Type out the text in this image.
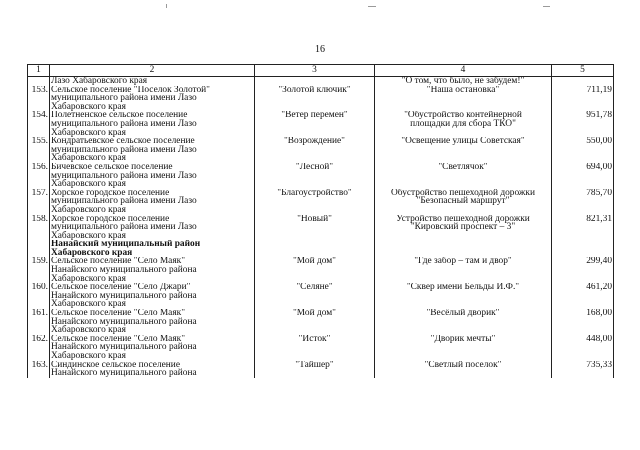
16
1	2	3	4	5

	Лазо Хабаровского края		"О том, что было, не забудем!"	

153.	Сельское поселение "Поселок Золотой"
муниципального района имени Лазо
Хабаровского края	"Золотой ключик"	"Наша остановка"	711,19
154.	Полетненское сельское поселение
муниципального района имени Лазо
Хабаровского края	"Ветер перемен"	"Обустройство контейнерной
площадки для сбора ТКО"	951,78
155.	Кондратьевское сельское поселение
муниципального района имени Лазо
Хабаровского края	"Возрождение"	"Освещение улицы Советская"	550,00
156.	Бичевское сельское поселение
муниципального района имени Лазо
Хабаровского края	"Лесной"	"Светлячок"	694,00
157.	Хорское городское поселение
муниципального района имени Лазо
Хабаровского края	"Благоустройство"	Обустройство пешеходной дорожки
"Безопасный маршрут"	785,70
158.	Хорское городское поселение
муниципального района имени Лазо
Хабаровского края	"Новый"	Устройство пешеходной дорожки
"Кировский проспект – 3"	821,31

	Нанайский муниципальный район
Хабаровского края			

159.	Сельское поселение "Село Маяк"
Нанайского муниципального района
Хабаровского края	"Мой дом"	"Где забор – там и двор"	299,40
160.	Сельское поселение "Село Джари"
Нанайского муниципального района
Хабаровского края	"Селяне"	"Сквер имени Бельды И.Ф."	461,20
161.	Сельское поселение "Село Маяк"
Нанайского муниципального района
Хабаровского края	"Мой дом"	"Весёлый дворик"	168,00
162.	Сельское поселение "Село Маяк"
Нанайского муниципального района
Хабаровского края	"Исток"	"Дворик мечты"	448,00
163.	Синдинское сельское поселение
Нанайского муниципального района	"Тайшер"	"Светлый поселок"	735,33
